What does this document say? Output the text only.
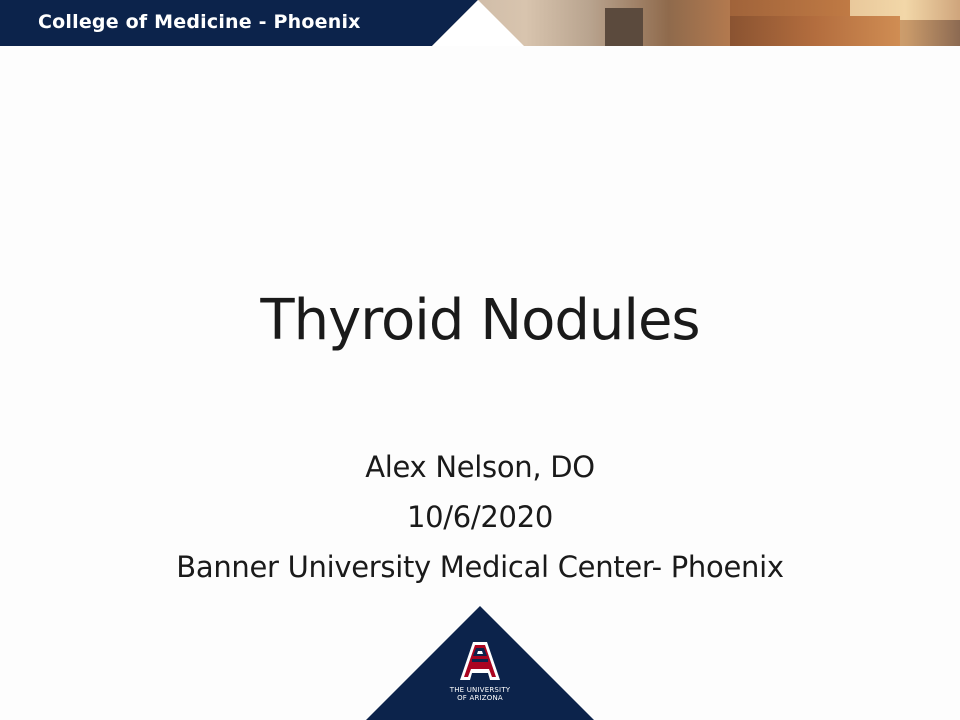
College of Medicine - Phoenix
Thyroid Nodules
Alex Nelson, DO
10/6/2020
Banner University Medical Center- Phoenix
THE UNIVERSITY
OF ARIZONA
